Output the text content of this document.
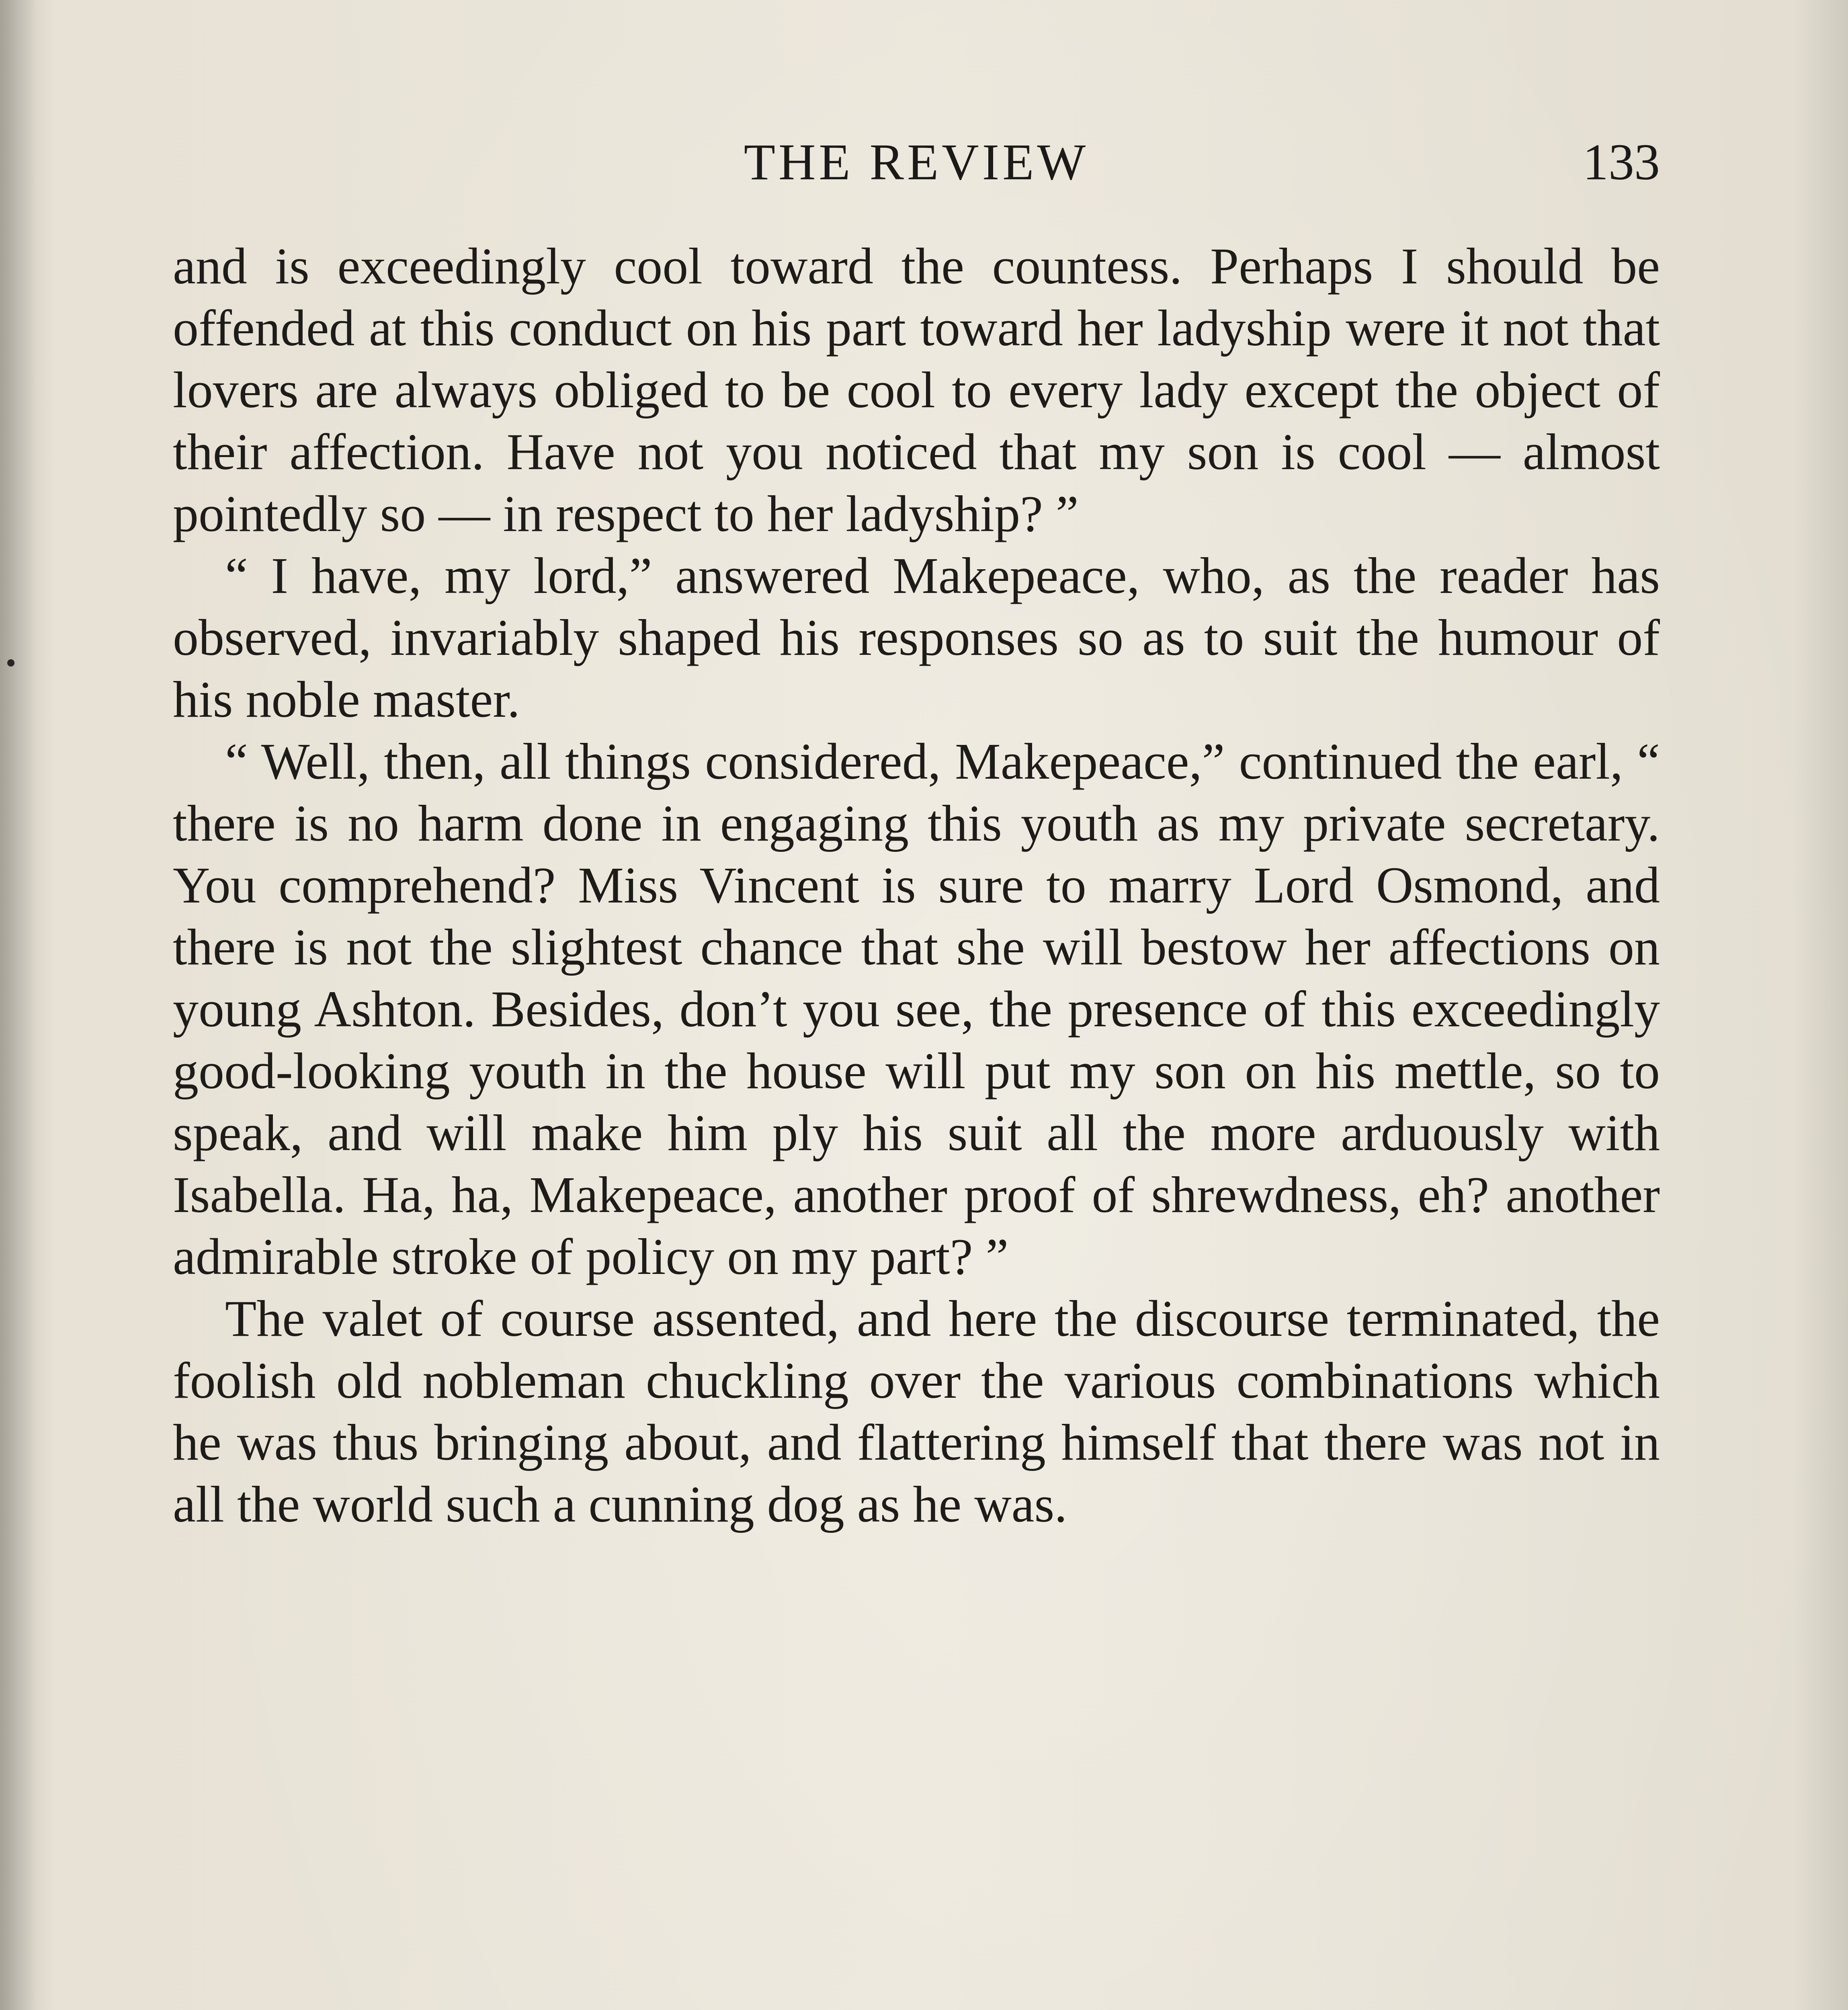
THE REVIEW	133

and is exceedingly cool toward the countess. Perhaps I should be offended at this conduct on his part toward her ladyship were it not that lovers are always obliged to be cool to every lady except the object of their affection. Have not you noticed that my son is cool — almost pointedly so — in respect to her ladyship? ”

“ I have, my lord,” answered Makepeace, who, as the reader has observed, invariably shaped his responses so as to suit the humour of his noble master.

“ Well, then, all things considered, Makepeace,” continued the earl, “ there is no harm done in engaging this youth as my private secretary. You comprehend? Miss Vincent is sure to marry Lord Osmond, and there is not the slightest chance that she will bestow her affections on young Ashton. Besides, don’t you see, the presence of this exceedingly good-looking youth in the house will put my son on his mettle, so to speak, and will make him ply his suit all the more arduously with Isabella. Ha, ha, Makepeace, another proof of shrewdness, eh? another admirable stroke of policy on my part? ”

The valet of course assented, and here the discourse terminated, the foolish old nobleman chuckling over the various combinations which he was thus bringing about, and flattering himself that there was not in all the world such a cunning dog as he was.
